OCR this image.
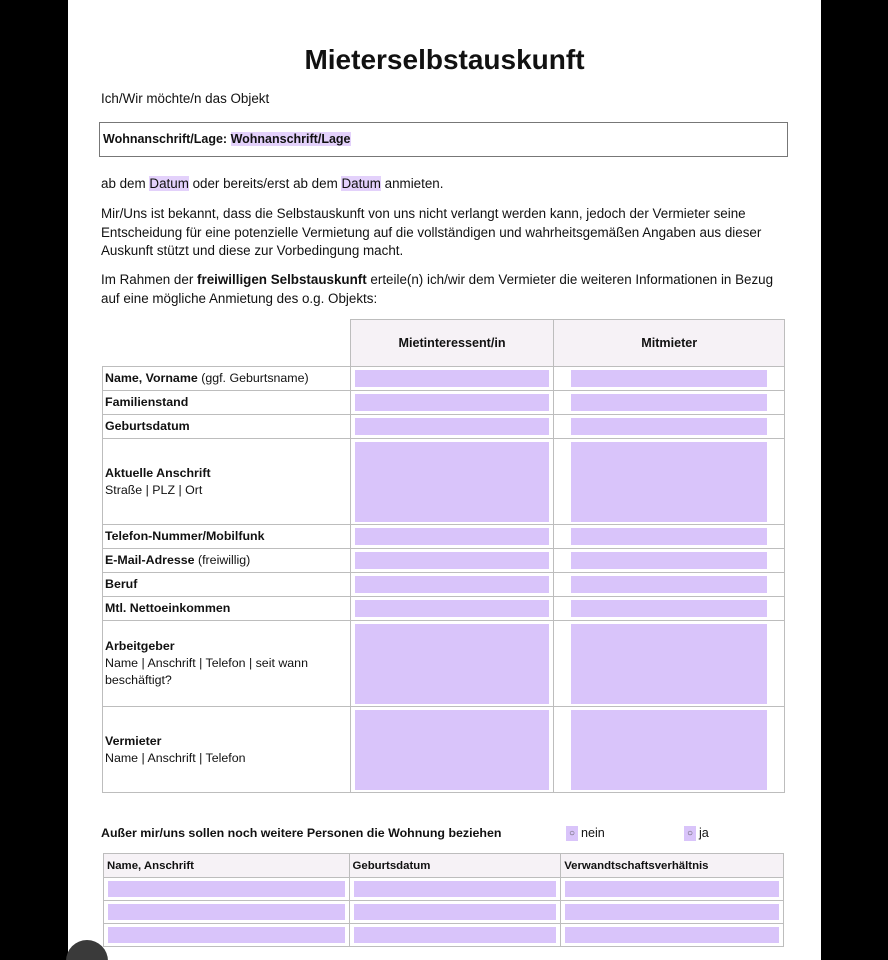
Mieterselbstauskunft
Ich/Wir möchte/n das Objekt
Wohnanschrift/Lage: Wohnanschrift/Lage
ab dem Datum oder bereits/erst ab dem Datum anmieten.
Mir/Uns ist bekannt, dass die Selbstauskunft von uns nicht verlangt werden kann, jedoch der Vermieter seine Entscheidung für eine potenzielle Vermietung auf die vollständigen und wahrheitsgemäßen Angaben aus dieser Auskunft stützt und diese zur Vorbedingung macht.
Im Rahmen der freiwilligen Selbstauskunft erteile(n) ich/wir dem Vermieter die weiteren Informationen in Bezug auf eine mögliche Anmietung des o.g. Objekts:
	Mietinteressent/in	Mitmieter
Name, Vorname (ggf. Geburtsname)	

Familienstand	

Geburtsdatum	

Aktuelle Anschrift
Straße | PLZ | Ort	

Telefon-Nummer/Mobilfunk	

E-Mail-Adresse (freiwillig)	

Beruf	

Mtl. Nettoeinkommen	

Arbeitgeber
Name | Anschrift | Telefon | seit wann beschäftigt?	

Vermieter
Name | Anschrift | Telefon	

Außer mir/uns sollen noch weitere Personen die Wohnung beziehen	○ nein	○ ja
Name, Anschrift	Geburtsdatum	Verwandtschaftsverhältnis
